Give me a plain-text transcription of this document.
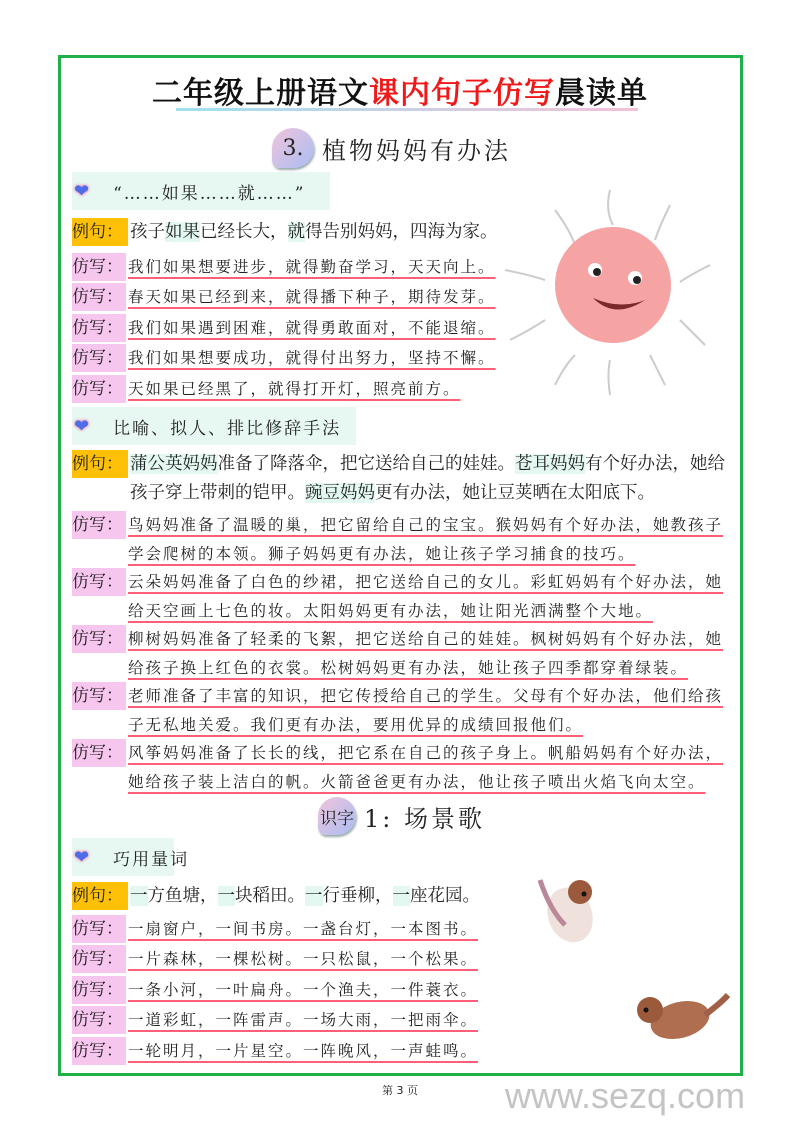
二年级上册语文课内句子仿写晨读单
3. 植物妈妈有办法
❤ “……如果……就……”
例句： 孩子如果已经长大，就得告别妈妈，四海为家。
仿写： 我们如果想要进步，就得勤奋学习，天天向上。
仿写： 春天如果已经到来，就得播下种子，期待发芽。
仿写： 我们如果遇到困难，就得勇敢面对，不能退缩。
仿写： 我们如果想要成功，就得付出努力，坚持不懈。
仿写： 天如果已经黑了，就得打开灯，照亮前方。
❤ 比喻、拟人、排比修辞手法
例句： 蒲公英妈妈准备了降落伞，把它送给自己的娃娃。苍耳妈妈有个好办法，她给孩子穿上带刺的铠甲。豌豆妈妈更有办法，她让豆荚晒在太阳底下。
仿写： 鸟妈妈准备了温暖的巢，把它留给自己的宝宝。猴妈妈有个好办法，她教孩子学会爬树的本领。狮子妈妈更有办法，她让孩子学习捕食的技巧。
仿写： 云朵妈妈准备了白色的纱裙，把它送给自己的女儿。彩虹妈妈有个好办法，她给天空画上七色的妆。太阳妈妈更有办法，她让阳光洒满整个大地。
仿写： 柳树妈妈准备了轻柔的飞絮，把它送给自己的娃娃。枫树妈妈有个好办法，她给孩子换上红色的衣裳。松树妈妈更有办法，她让孩子四季都穿着绿装。
仿写： 老师准备了丰富的知识，把它传授给自己的学生。父母有个好办法，他们给孩子无私地关爱。我们更有办法，要用优异的成绩回报他们。
仿写： 风筝妈妈准备了长长的线，把它系在自己的孩子身上。帆船妈妈有个好办法，她给孩子装上洁白的帆。火箭爸爸更有办法，他让孩子喷出火焰飞向太空。
识字 1: 场景歌
❤ 巧用量词
例句： 一方鱼塘，一块稻田。一行垂柳，一座花园。
仿写： 一扇窗户，一间书房。一盏台灯，一本图书。
仿写： 一片森林，一棵松树。一只松鼠，一个松果。
仿写： 一条小河，一叶扁舟。一个渔夫，一件蓑衣。
仿写： 一道彩虹，一阵雷声。一场大雨，一把雨伞。
仿写： 一轮明月，一片星空。一阵晚风，一声蛙鸣。
第 3 页	www.sezq.com
